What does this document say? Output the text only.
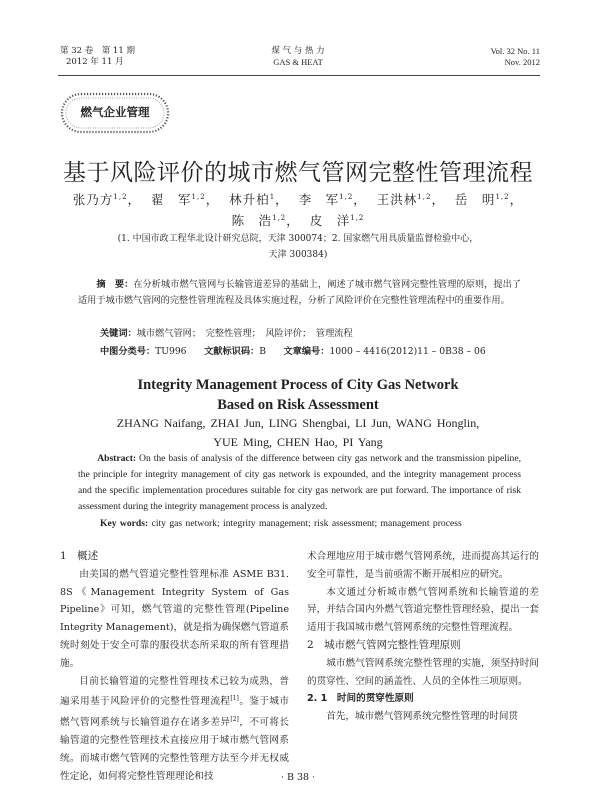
第 32 卷　第 11 期
2012 年 11 月
煤 气 与 热 力
GAS & HEAT
Vol. 32 No. 11
Nov. 2012
燃气企业管理
基于风险评价的城市燃气管网完整性管理流程
张乃方$^{1,2}$， 翟　军$^{1,2}$， 林升柏$^1$， 李　军$^{1,2}$， 王洪林$^{1,2}$， 岳　明$^{1,2}$，
陈　浩$^{1,2}$， 皮　洋$^{1,2}$
(1. 中国市政工程华北设计研究总院，天津 300074；2. 国家燃气用具质量监督检验中心，
天津 300384)
摘　要：在分析城市燃气管网与长输管道差异的基础上，阐述了城市燃气管网完整性管理的原则，提出了适用于城市燃气管网的完整性管理流程及具体实施过程，分析了风险评价在完整性管理流程中的重要作用。
关键词：城市燃气管网；　完整性管理；　风险评价；　管理流程
中图分类号：TU996 文献标识码：B 文章编号：1000 – 4416(2012)11 – 0B38 – 06
Integrity Management Process of City Gas Network
Based on Risk Assessment
ZHANG Naifang, ZHAI Jun, LING Shengbai, LI Jun, WANG Honglin,
YUE Ming, CHEN Hao, PI Yang
Abstract: On the basis of analysis of the difference between city gas network and the transmission pipeline, the principle for integrity management of city gas network is expounded, and the integrity management process and the specific implementation procedures suitable for city gas network are put forward. The importance of risk assessment during the integrity management process is analyzed.
Key words: city gas network; integrity management; risk assessment; management process
1　概述

由美国的燃气管道完整性管理标准 ASME B31. 8S《Management Integrity System of Gas Pipeline》可知，燃气管道的完整性管理(Pipeline Integrity Management)，就是指为确保燃气管道系统时刻处于安全可靠的服役状态所采取的所有管理措施。

目前长输管道的完整性管理技术已较为成熟，普遍采用基于风险评价的完整性管理流程[1]。鉴于城市燃气管网系统与长输管道存在诸多差异[2]，不可将长输管道的完整性管理技术直接应用于城市燃气管网系统。而城市燃气管网的完整性管理方法至今并无权威性定论，如何将完整性管理理论和技

术合理地应用于城市燃气管网系统，进而提高其运行的安全可靠性，是当前亟需不断开展相应的研究。

本文通过分析城市燃气管网系统和长输管道的差异，并结合国内外燃气管道完整性管理经验，提出一套适用于我国城市燃气管网系统的完整性管理流程。

2　城市燃气管网完整性管理原则

城市燃气管网系统完整性管理的实施，须坚持时间的贯穿性、空间的涵盖性、人员的全体性三项原则。

2. 1　时间的贯穿性原则

首先，城市燃气管网系统完整性管理的时间贯

· B 38 ·
